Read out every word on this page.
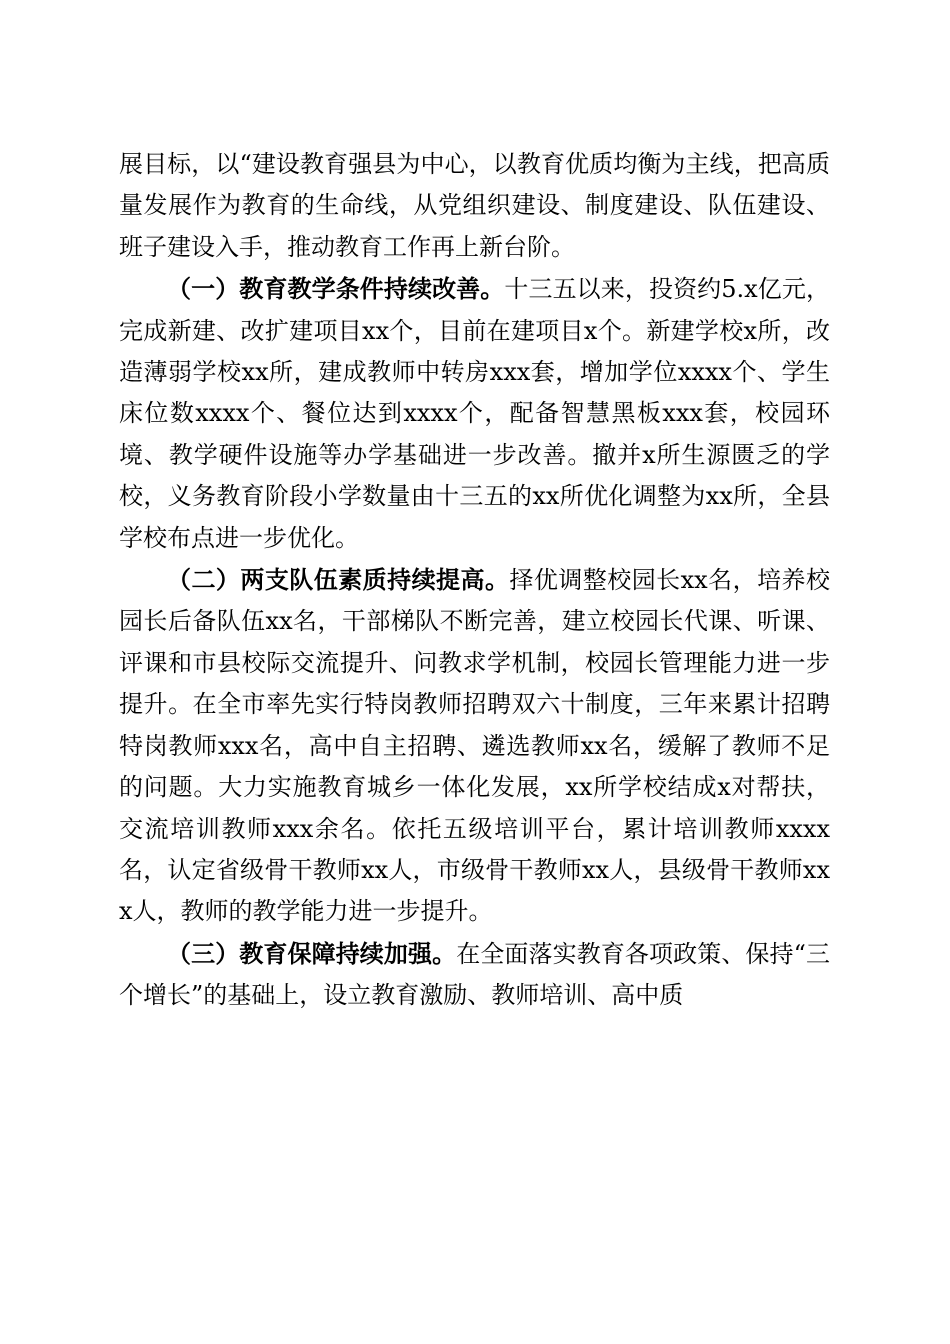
展目标，以“建设教育强县为中心，以教育优质均衡为主线，把高质量发展作为教育的生命线，从党组织建设、制度建设、队伍建设、班子建设入手，推动教育工作再上新台阶。

（一）教育教学条件持续改善。十三五以来，投资约5.x亿元，完成新建、改扩建项目xx个，目前在建项目x个。新建学校x所，改造薄弱学校xx所，建成教师中转房xxx套，增加学位xxxx个、学生床位数xxxx个、餐位达到xxxx个，配备智慧黑板xxx套，校园环境、教学硬件设施等办学基础进一步改善。撤并x所生源匮乏的学校，义务教育阶段小学数量由十三五的xx所优化调整为xx所，全县学校布点进一步优化。

（二）两支队伍素质持续提高。择优调整校园长xx名，培养校园长后备队伍xx名，干部梯队不断完善，建立校园长代课、听课、评课和市县校际交流提升、问教求学机制，校园长管理能力进一步提升。在全市率先实行特岗教师招聘双六十制度，三年来累计招聘特岗教师xxx名，高中自主招聘、遴选教师xx名，缓解了教师不足的问题。大力实施教育城乡一体化发展，xx所学校结成x对帮扶，交流培训教师xxx余名。依托五级培训平台，累计培训教师xxxx名，认定省级骨干教师xx人，市级骨干教师xx人，县级骨干教师xxx人，教师的教学能力进一步提升。

（三）教育保障持续加强。在全面落实教育各项政策、保持“三个增长”的基础上，设立教育激励、教师培训、高中质
